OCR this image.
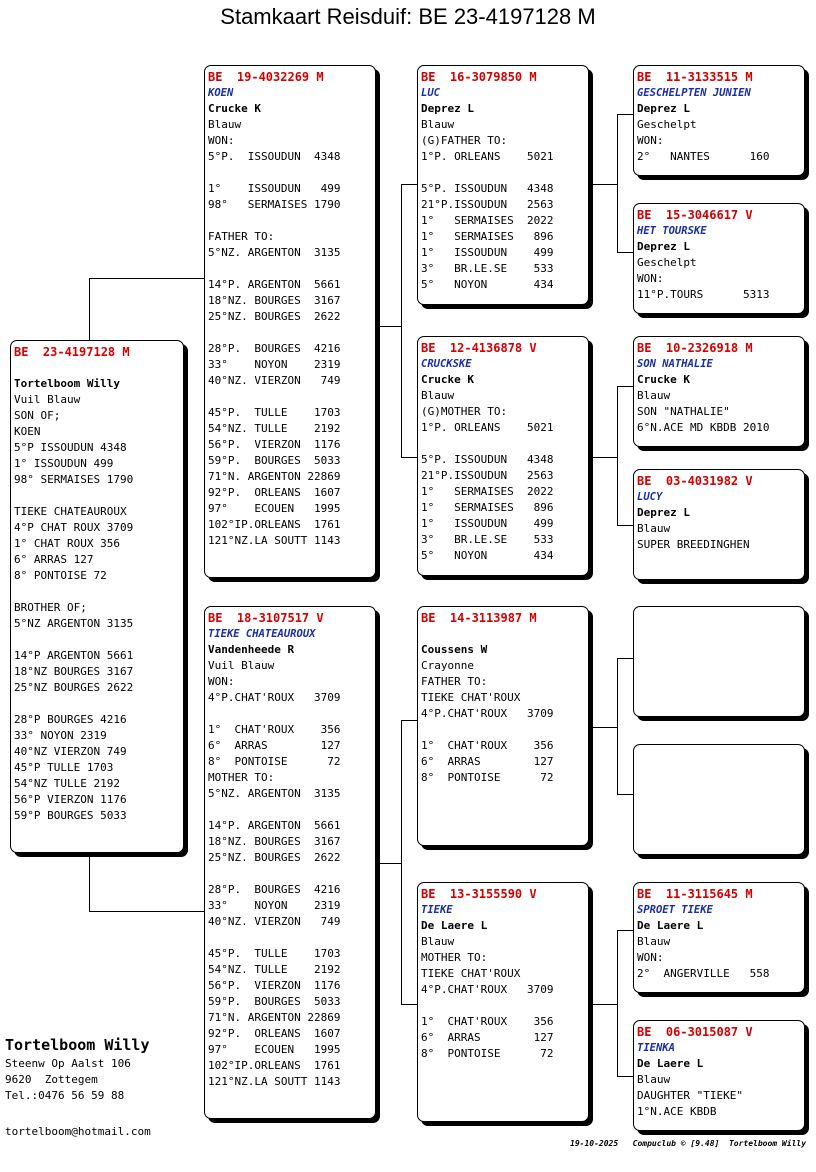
Stamkaart Reisduif: BE 23-4197128 M
BE  23-4197128 M
Tortelboom Willy
Vuil Blauw
SON OF;
KOEN
5°P ISSOUDUN 4348
1° ISSOUDUN 499
98° SERMAISES 1790
TIEKE CHATEAUROUX
4°P CHAT ROUX 3709
1° CHAT ROUX 356
6° ARRAS 127
8° PONTOISE 72
BROTHER OF;
5°NZ ARGENTON 3135
14°P ARGENTON 5661
18°NZ BOURGES 3167
25°NZ BOURGES 2622
28°P BOURGES 4216
33° NOYON 2319
40°NZ VIERZON 749
45°P TULLE 1703
54°NZ TULLE 2192
56°P VIERZON 1176
59°P BOURGES 5033
BE  19-4032269 M
KOEN
Crucke K
Blauw
WON:
5°P.  ISSOUDUN  4348
1°    ISSOUDUN   499
98°   SERMAISES 1790
FATHER TO:
5°NZ. ARGENTON  3135
14°P. ARGENTON  5661
18°NZ. BOURGES  3167
25°NZ. BOURGES  2622
28°P.  BOURGES  4216
33°    NOYON    2319
40°NZ. VIERZON   749
45°P.  TULLE    1703
54°NZ. TULLE    2192
56°P.  VIERZON  1176
59°P.  BOURGES  5033
71°N. ARGENTON 22869
92°P.  ORLEANS  1607
97°    ECOUEN   1995
102°IP.ORLEANS  1761
121°NZ.LA SOUTT 1143
BE  18-3107517 V
TIEKE CHATEAUROUX
Vandenheede R
Vuil Blauw
WON:
4°P.CHAT'ROUX   3709
1°  CHAT'ROUX    356
6°  ARRAS        127
8°  PONTOISE      72
MOTHER TO:
5°NZ. ARGENTON  3135
14°P. ARGENTON  5661
18°NZ. BOURGES  3167
25°NZ. BOURGES  2622
28°P.  BOURGES  4216
33°    NOYON    2319
40°NZ. VIERZON   749
45°P.  TULLE    1703
54°NZ. TULLE    2192
56°P.  VIERZON  1176
59°P.  BOURGES  5033
71°N. ARGENTON 22869
92°P.  ORLEANS  1607
97°    ECOUEN   1995
102°IP.ORLEANS  1761
121°NZ.LA SOUTT 1143
BE  16-3079850 M
LUC
Deprez L
Blauw
(G)FATHER TO:
1°P. ORLEANS    5021
5°P. ISSOUDUN   4348
21°P.ISSOUDUN   2563
1°   SERMAISES  2022
1°   SERMAISES   896
1°   ISSOUDUN    499
3°   BR.LE.SE    533
5°   NOYON       434
BE  12-4136878 V
CRUCKSKE
Crucke K
Blauw
(G)MOTHER TO:
1°P. ORLEANS    5021
5°P. ISSOUDUN   4348
21°P.ISSOUDUN   2563
1°   SERMAISES  2022
1°   SERMAISES   896
1°   ISSOUDUN    499
3°   BR.LE.SE    533
5°   NOYON       434
BE  14-3113987 M
Coussens W
Crayonne
FATHER TO:
TIEKE CHAT'ROUX
4°P.CHAT'ROUX   3709
1°  CHAT'ROUX    356
6°  ARRAS        127
8°  PONTOISE      72
BE  13-3155590 V
TIEKE
De Laere L
Blauw
MOTHER TO:
TIEKE CHAT'ROUX
4°P.CHAT'ROUX   3709
1°  CHAT'ROUX    356
6°  ARRAS        127
8°  PONTOISE      72
BE  11-3133515 M
GESCHELPTEN JUNIEN
Deprez L
Geschelpt
WON:
2°   NANTES      160
BE  15-3046617 V
HET TOURSKE
Deprez L
Geschelpt
WON:
11°P.TOURS      5313
BE  10-2326918 M
SON NATHALIE
Crucke K
Blauw
SON "NATHALIE"
6°N.ACE MD KBDB 2010
BE  03-4031982 V
LUCY
Deprez L
Blauw
SUPER BREEDINGHEN
BE  11-3115645 M
SPROET TIEKE
De Laere L
Blauw
WON:
2°  ANGERVILLE   558
BE  06-3015087 V
TIENKA
De Laere L
Blauw
DAUGHTER "TIEKE"
1°N.ACE KBDB
Tortelboom Willy
Steenw Op Aalst 106
9620  Zottegem
Tel.:0476 56 59 88
tortelboom@hotmail.com
19-10-2025 Compuclub © [9.48]  Tortelboom Willy
